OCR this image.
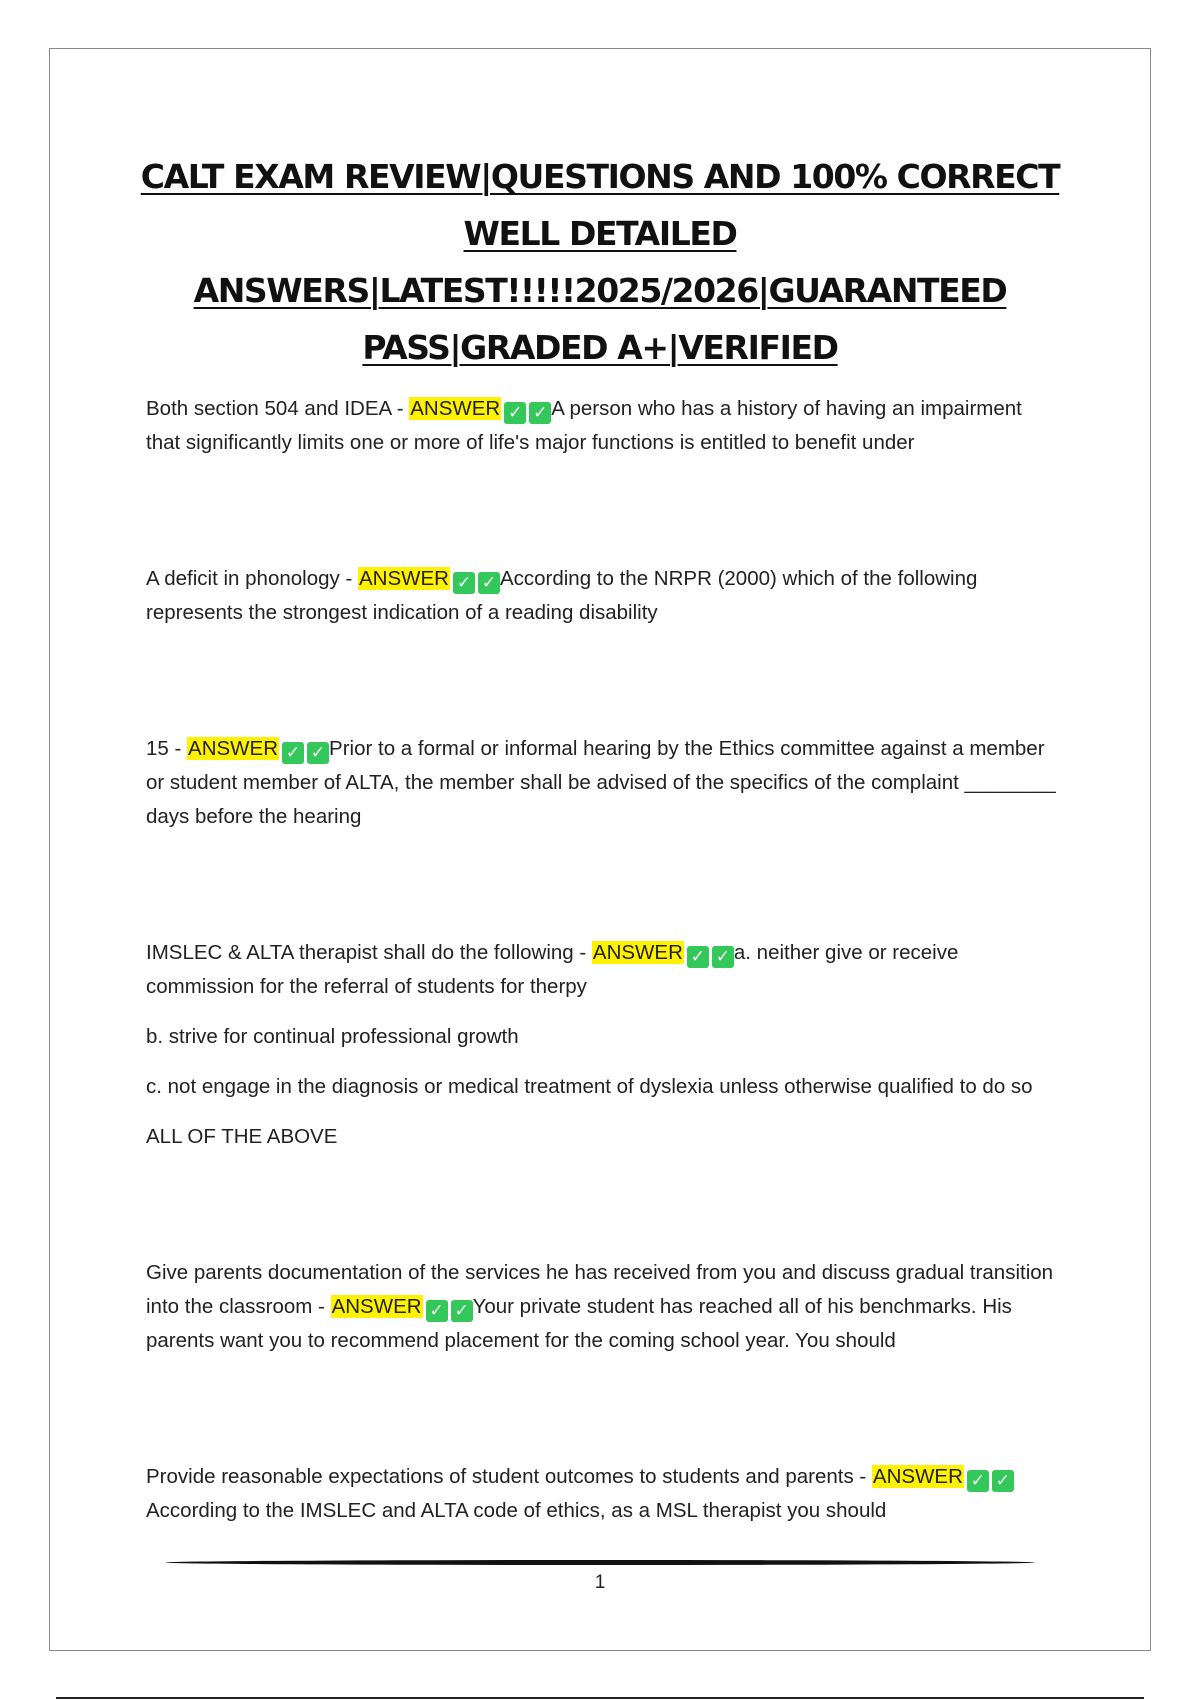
CALT EXAM REVIEW|QUESTIONS AND 100% CORRECT
WELL DETAILED
ANSWERS|LATEST!!!!!2025/2026|GUARANTEED
PASS|GRADED A+|VERIFIED

Both section 504 and IDEA - ANSWER ✓ ✓ A person who has a history of having an impairment that significantly limits one or more of life's major functions is entitled to benefit under

A deficit in phonology - ANSWER ✓ ✓ According to the NRPR (2000) which of the following represents the strongest indication of a reading disability

15 - ANSWER ✓ ✓ Prior to a formal or informal hearing by the Ethics committee against a member or student member of ALTA, the member shall be advised of the specifics of the complaint ________ days before the hearing

IMSLEC & ALTA therapist shall do the following - ANSWER ✓ ✓ a. neither give or receive commission for the referral of students for therpy

b. strive for continual professional growth

c. not engage in the diagnosis or medical treatment of dyslexia unless otherwise qualified to do so

ALL OF THE ABOVE

Give parents documentation of the services he has received from you and discuss gradual transition into the classroom - ANSWER ✓ ✓ Your private student has reached all of his benchmarks. His parents want you to recommend placement for the coming school year. You should

Provide reasonable expectations of student outcomes to students and parents - ANSWER ✓ ✓According to the IMSLEC and ALTA code of ethics, as a MSL therapist you should

1
